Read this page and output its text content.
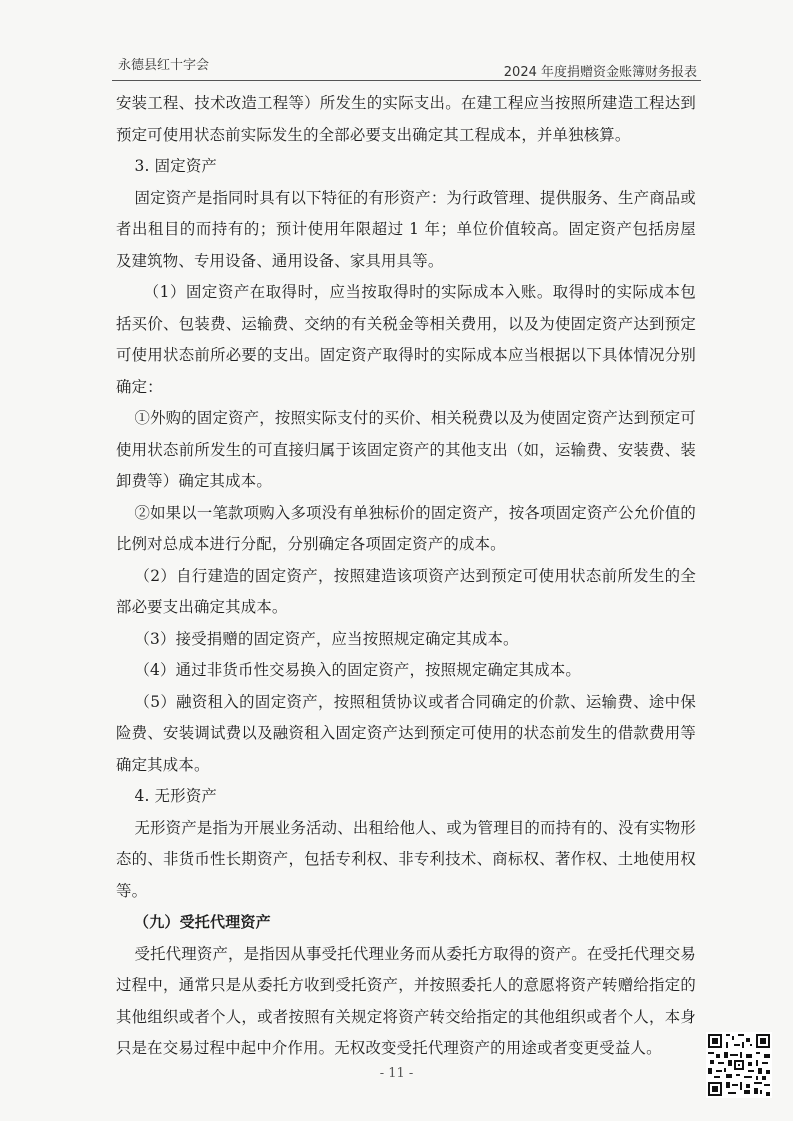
永德县红十字会	2024 年度捐赠资金账簿财务报表

安装工程、技术改造工程等）所发生的实际支出。在建工程应当按照所建造工程达到预定可使用状态前实际发生的全部必要支出确定其工程成本，并单独核算。

3. 固定资产

固定资产是指同时具有以下特征的有形资产：为行政管理、提供服务、生产商品或者出租目的而持有的；预计使用年限超过 1 年；单位价值较高。固定资产包括房屋及建筑物、专用设备、通用设备、家具用具等。

（1）固定资产在取得时，应当按取得时的实际成本入账。取得时的实际成本包括买价、包装费、运输费、交纳的有关税金等相关费用，以及为使固定资产达到预定可使用状态前所必要的支出。固定资产取得时的实际成本应当根据以下具体情况分别确定：

①外购的固定资产，按照实际支付的买价、相关税费以及为使固定资产达到预定可使用状态前所发生的可直接归属于该固定资产的其他支出（如，运输费、安装费、装卸费等）确定其成本。

②如果以一笔款项购入多项没有单独标价的固定资产，按各项固定资产公允价值的比例对总成本进行分配，分别确定各项固定资产的成本。

（2）自行建造的固定资产，按照建造该项资产达到预定可使用状态前所发生的全部必要支出确定其成本。

（3）接受捐赠的固定资产，应当按照规定确定其成本。

（4）通过非货币性交易换入的固定资产，按照规定确定其成本。

（5）融资租入的固定资产，按照租赁协议或者合同确定的价款、运输费、途中保险费、安装调试费以及融资租入固定资产达到预定可使用的状态前发生的借款费用等确定其成本。

4. 无形资产

无形资产是指为开展业务活动、出租给他人、或为管理目的而持有的、没有实物形态的、非货币性长期资产，包括专利权、非专利技术、商标权、著作权、土地使用权等。

（九）受托代理资产

受托代理资产，是指因从事受托代理业务而从委托方取得的资产。在受托代理交易过程中，通常只是从委托方收到受托资产，并按照委托人的意愿将资产转赠给指定的其他组织或者个人，或者按照有关规定将资产转交给指定的其他组织或者个人，本身只是在交易过程中起中介作用。无权改变受托代理资产的用途或者变更受益人。

- 11 -
